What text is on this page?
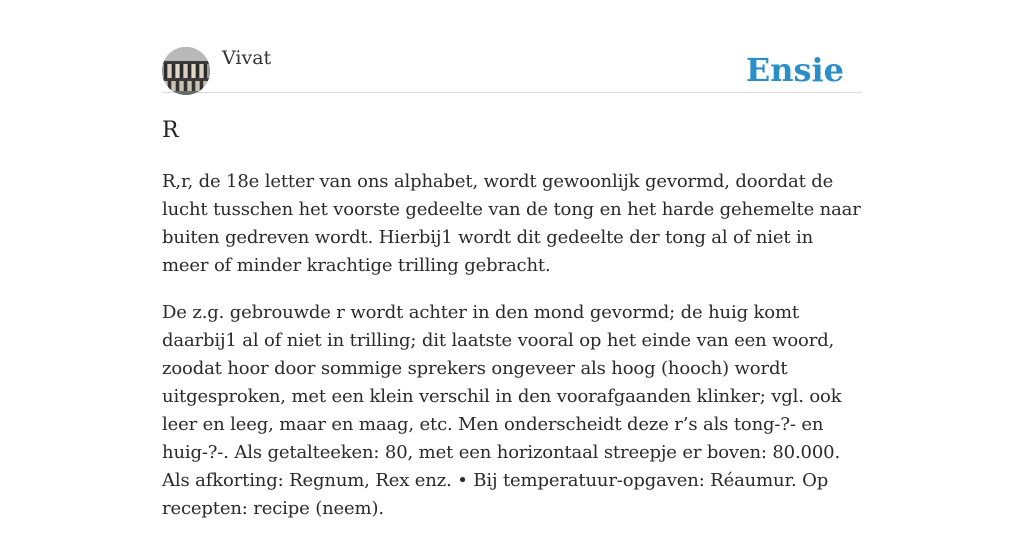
Vivat	Ensie
R

R,r, de 18e letter van ons alphabet, wordt gewoonlijk gevormd, doordat de lucht tusschen het voorste gedeelte van de tong en het harde gehemelte naar buiten gedreven wordt. Hierbij1 wordt dit gedeelte der tong al of niet in meer of minder krachtige trilling gebracht.

De z.g. gebrouwde r wordt achter in den mond gevormd; de huig komt daarbij1 al of niet in trilling; dit laatste vooral op het einde van een woord, zoodat hoor door sommige sprekers ongeveer als hoog (hooch) wordt uitgesproken, met een klein verschil in den voorafgaanden klinker; vgl. ook leer en leeg, maar en maag, etc. Men onderscheidt deze r’s als tong-?- en huig-?-. Als getalteeken: 80, met een horizontaal streepje er boven: 80.000. Als afkorting: Regnum, Rex enz. • Bij temperatuur-opgaven: Réaumur. Op recepten: recipe (neem).
